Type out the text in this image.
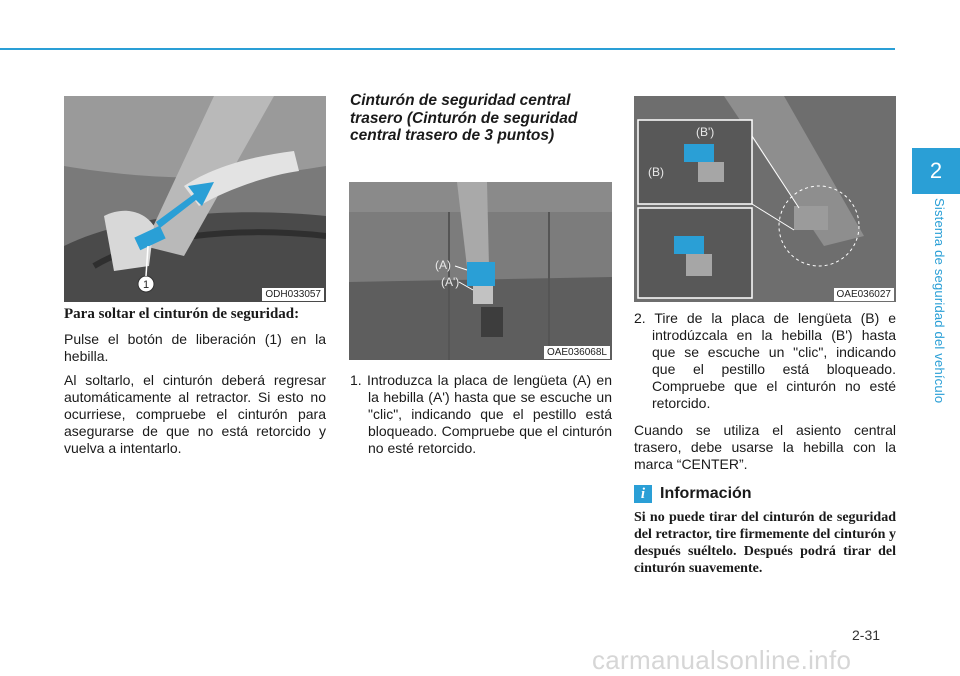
2
Sistema de seguridad del vehículo
1
ODH033057
(A)
(A')
OAE036068L
(B')
(B)
OAE036027
Para soltar el cinturón de seguridad:

Pulse el botón de liberación (1) en la hebilla.

Al soltarlo, el cinturón deberá regresar automáticamente al retractor. Si esto no ocurriese, compruebe el cinturón para asegurarse de que no está retorcido y vuelva a intentarlo.

Cinturón de seguridad central trasero (Cinturón de seguridad central trasero de 3 puntos)
1. Introduzca la placa de lengüeta (A) en la hebilla (A') hasta que se escuche un "clic", indicando que el pestillo está bloqueado. Compruebe que el cinturón no esté retorcido.
2. Tire de la placa de lengüeta (B) e introdúzcala en la hebilla (B') hasta que se escuche un "clic", indicando que el pestillo está bloqueado. Compruebe que el cinturón no esté retorcido.

Cuando se utiliza el asiento central trasero, debe usarse la hebilla con la marca “CENTER”.

i Información

Si no puede tirar del cinturón de seguridad del retractor, tire firmemente del cinturón y después suéltelo. Después podrá tirar del cinturón suavemente.

2-31
carmanualsonline.info
